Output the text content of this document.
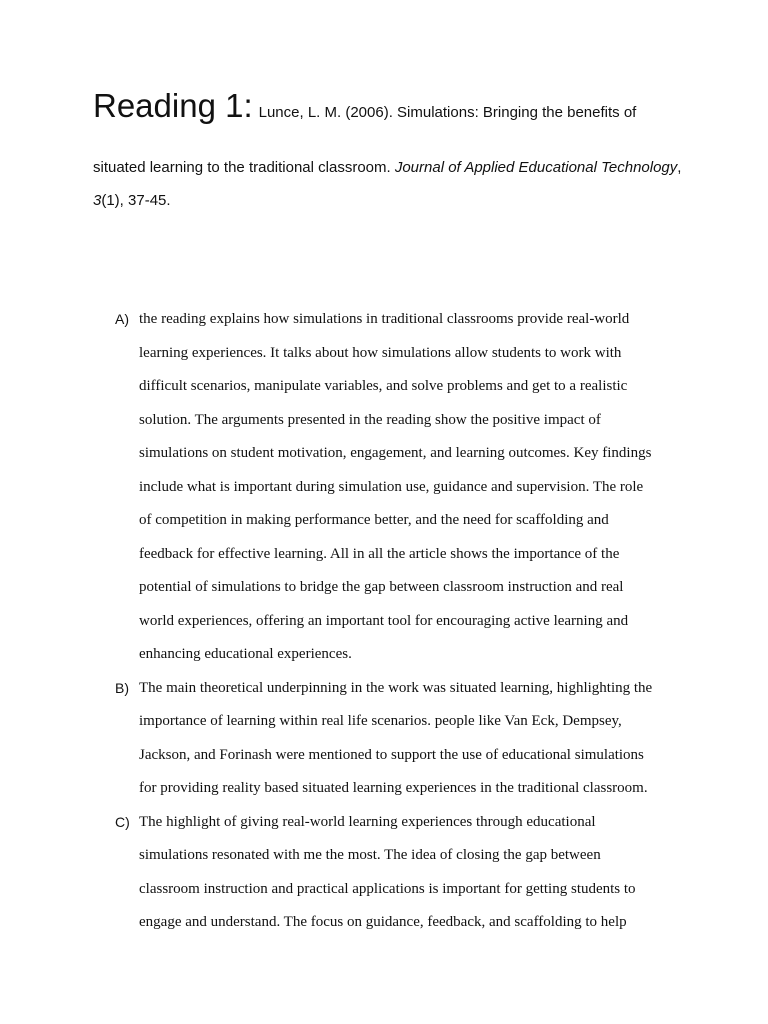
Reading 1: Lunce, L. M. (2006). Simulations: Bringing the benefits of
situated learning to the traditional classroom. Journal of Applied Educational Technology,
3(1), 37-45.
A) the reading explains how simulations in traditional classrooms provide real-world
learning experiences. It talks about how simulations allow students to work with
difficult scenarios, manipulate variables, and solve problems and get to a realistic
solution. The arguments presented in the reading show the positive impact of
simulations on student motivation, engagement, and learning outcomes. Key findings
include what is important during simulation use, guidance and supervision. The role
of competition in making performance better, and the need for scaffolding and
feedback for effective learning. All in all the article shows the importance of the
potential of simulations to bridge the gap between classroom instruction and real
world experiences, offering an important tool for encouraging active learning and
enhancing educational experiences.
B) The main theoretical underpinning in the work was situated learning, highlighting the
importance of learning within real life scenarios. people like Van Eck, Dempsey,
Jackson, and Forinash were mentioned to support the use of educational simulations
for providing reality based situated learning experiences in the traditional classroom.
C) The highlight of giving real-world learning experiences through educational
simulations resonated with me the most. The idea of closing the gap between
classroom instruction and practical applications is important for getting students to
engage and understand. The focus on guidance, feedback, and scaffolding to help
